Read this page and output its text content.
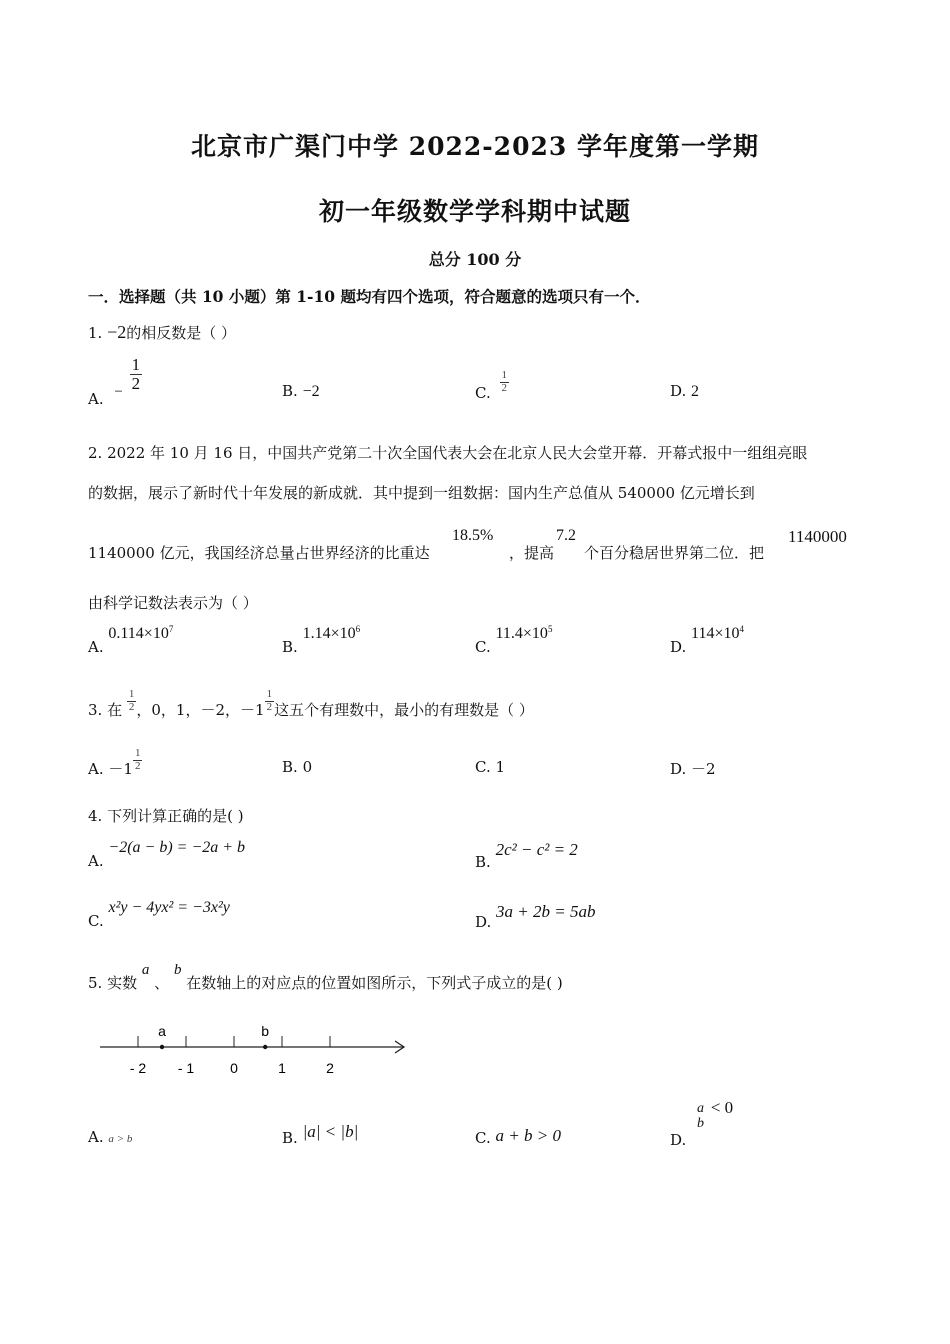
北京市广渠门中学 2022-2023 学年度第一学期
初一年级数学学科期中试题
总分 100 分
一．选择题（共 10 小题）第 1-10 题均有四个选项，符合题意的选项只有一个．
1. −2的相反数是（ ）
A. − $\frac{1}{2}$	B. −2	C. $\frac{1}{2}$	D. 2
2. 2022 年 10 月 16 日，中国共产党第二十次全国代表大会在北京人民大会堂开幕．开幕式报中一组组亮眼
的数据，展示了新时代十年发展的新成就．其中提到一组数据：国内生产总值从 540000 亿元增长到
1140000 亿元，我国经济总量占世界经济的比重达
18.5%
，提高
7.2
个百分稳居世界第二位．把
1140000
由科学记数法表示为（ ）
A. $0.114\times 10^7$
B. $1.14\times 10^6$
C. $11.4\times 10^5$
D. $114\times 10^4$
3. 在 $\frac{1}{2}$ ，0，1，－2，$-1 \frac{1}{2}$ 这五个有理数中，最小的有理数是（ ）
A. $-1 \frac{1}{2}$	B. 0	C. 1	D. －2
4. 下列计算正确的是( )
A. −2(a − b) = −2a + b
B. 2c² − c² = 2
C. x²y − 4yx² = −3x²y
D. 3a + 2b = 5ab
5. 实数 a 、 b 在数轴上的对应点的位置如图所示，下列式子成立的是( )
- 2 - 1	0	1	2
a	b
A. a > b	B. |a| < |b|	C. a + b > 0	D.
a
b
< 0
